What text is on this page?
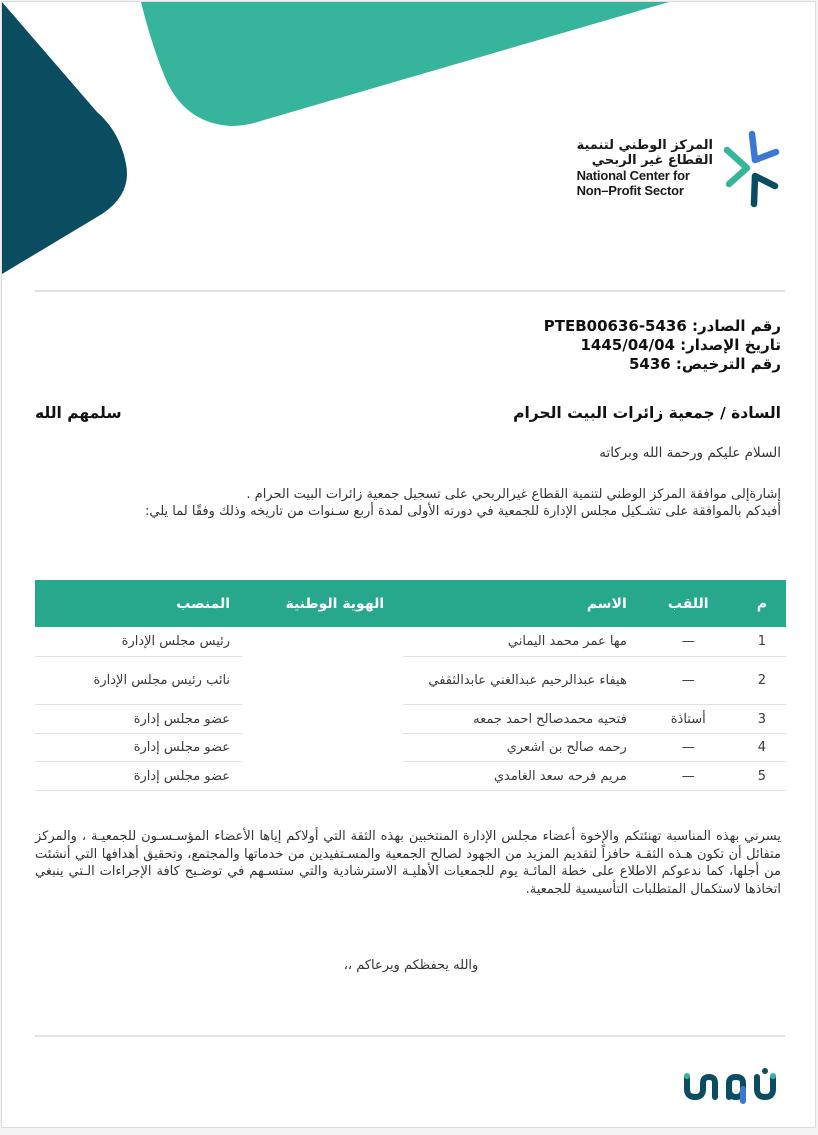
المركز الوطني لتنمية
القطاع غير الربحي
National Center for
Non–Profit Sector
رقم الصادر: PTEB00636-5436
تاريخ الإصدار: 1445/04/04
رقم الترخيص: 5436
السادة / جمعية زائرات البيت الحرام
سلمهم الله
السلام عليكم ورحمة الله وبركاته
إشارةإلى موافقة المركز الوطني لتنمية القطاع غيرالربحي على تسجيل جمعية زائرات البيت الحرام .
أفيدكم بالموافقة على تشـكيل مجلس الإدارة للجمعية في دورته الأولى لمدة أربع سـنوات من تاريخه وذلك وفقًا لما يلي:
م	اللقب	الاسم		الهوية الوطنية		المنصب
1	—	مها عمر محمد اليماني				رئيس مجلس الإدارة
2	—	هيفاء عبدالرحيم عبدالغني عابدالثقفي				نائب رئيس مجلس الإدارة
3	أستاذة	فتحيه محمدصالح احمد جمعه				عضو مجلس إدارة
4	—	رحمه صالح بن اشعري				عضو مجلس إدارة
5	—	مريم فرحه سعد الغامدي				عضو مجلس إدارة
يسرني بهذه المناسبة تهنئتكم والإخوة أعضاء مجلس الإدارة المنتخبين بهذه الثقة التي أولاكم إياها الأعضاء المؤسـسـون للجمعيـة ، والمركز متفائل أن تكون هـذه الثقـة حافزاً لتقديم المزيد من الجهود لصالح الجمعية والمسـتفيدين من خدماتها والمجتمع، وتحقيق أهدافها التي أنشئت من أجلها، كما ندعوكم الاطلاع على خطة المائـة يوم للجمعيات الأهليـة الاسترشادية والتي ستسـهم في توضـيح كافة الإجراءات الـتي ينبغي اتخاذها لاستكمال المتطلبات التأسيسية للجمعية.
والله يحفظكم ويرعاكم ،،
